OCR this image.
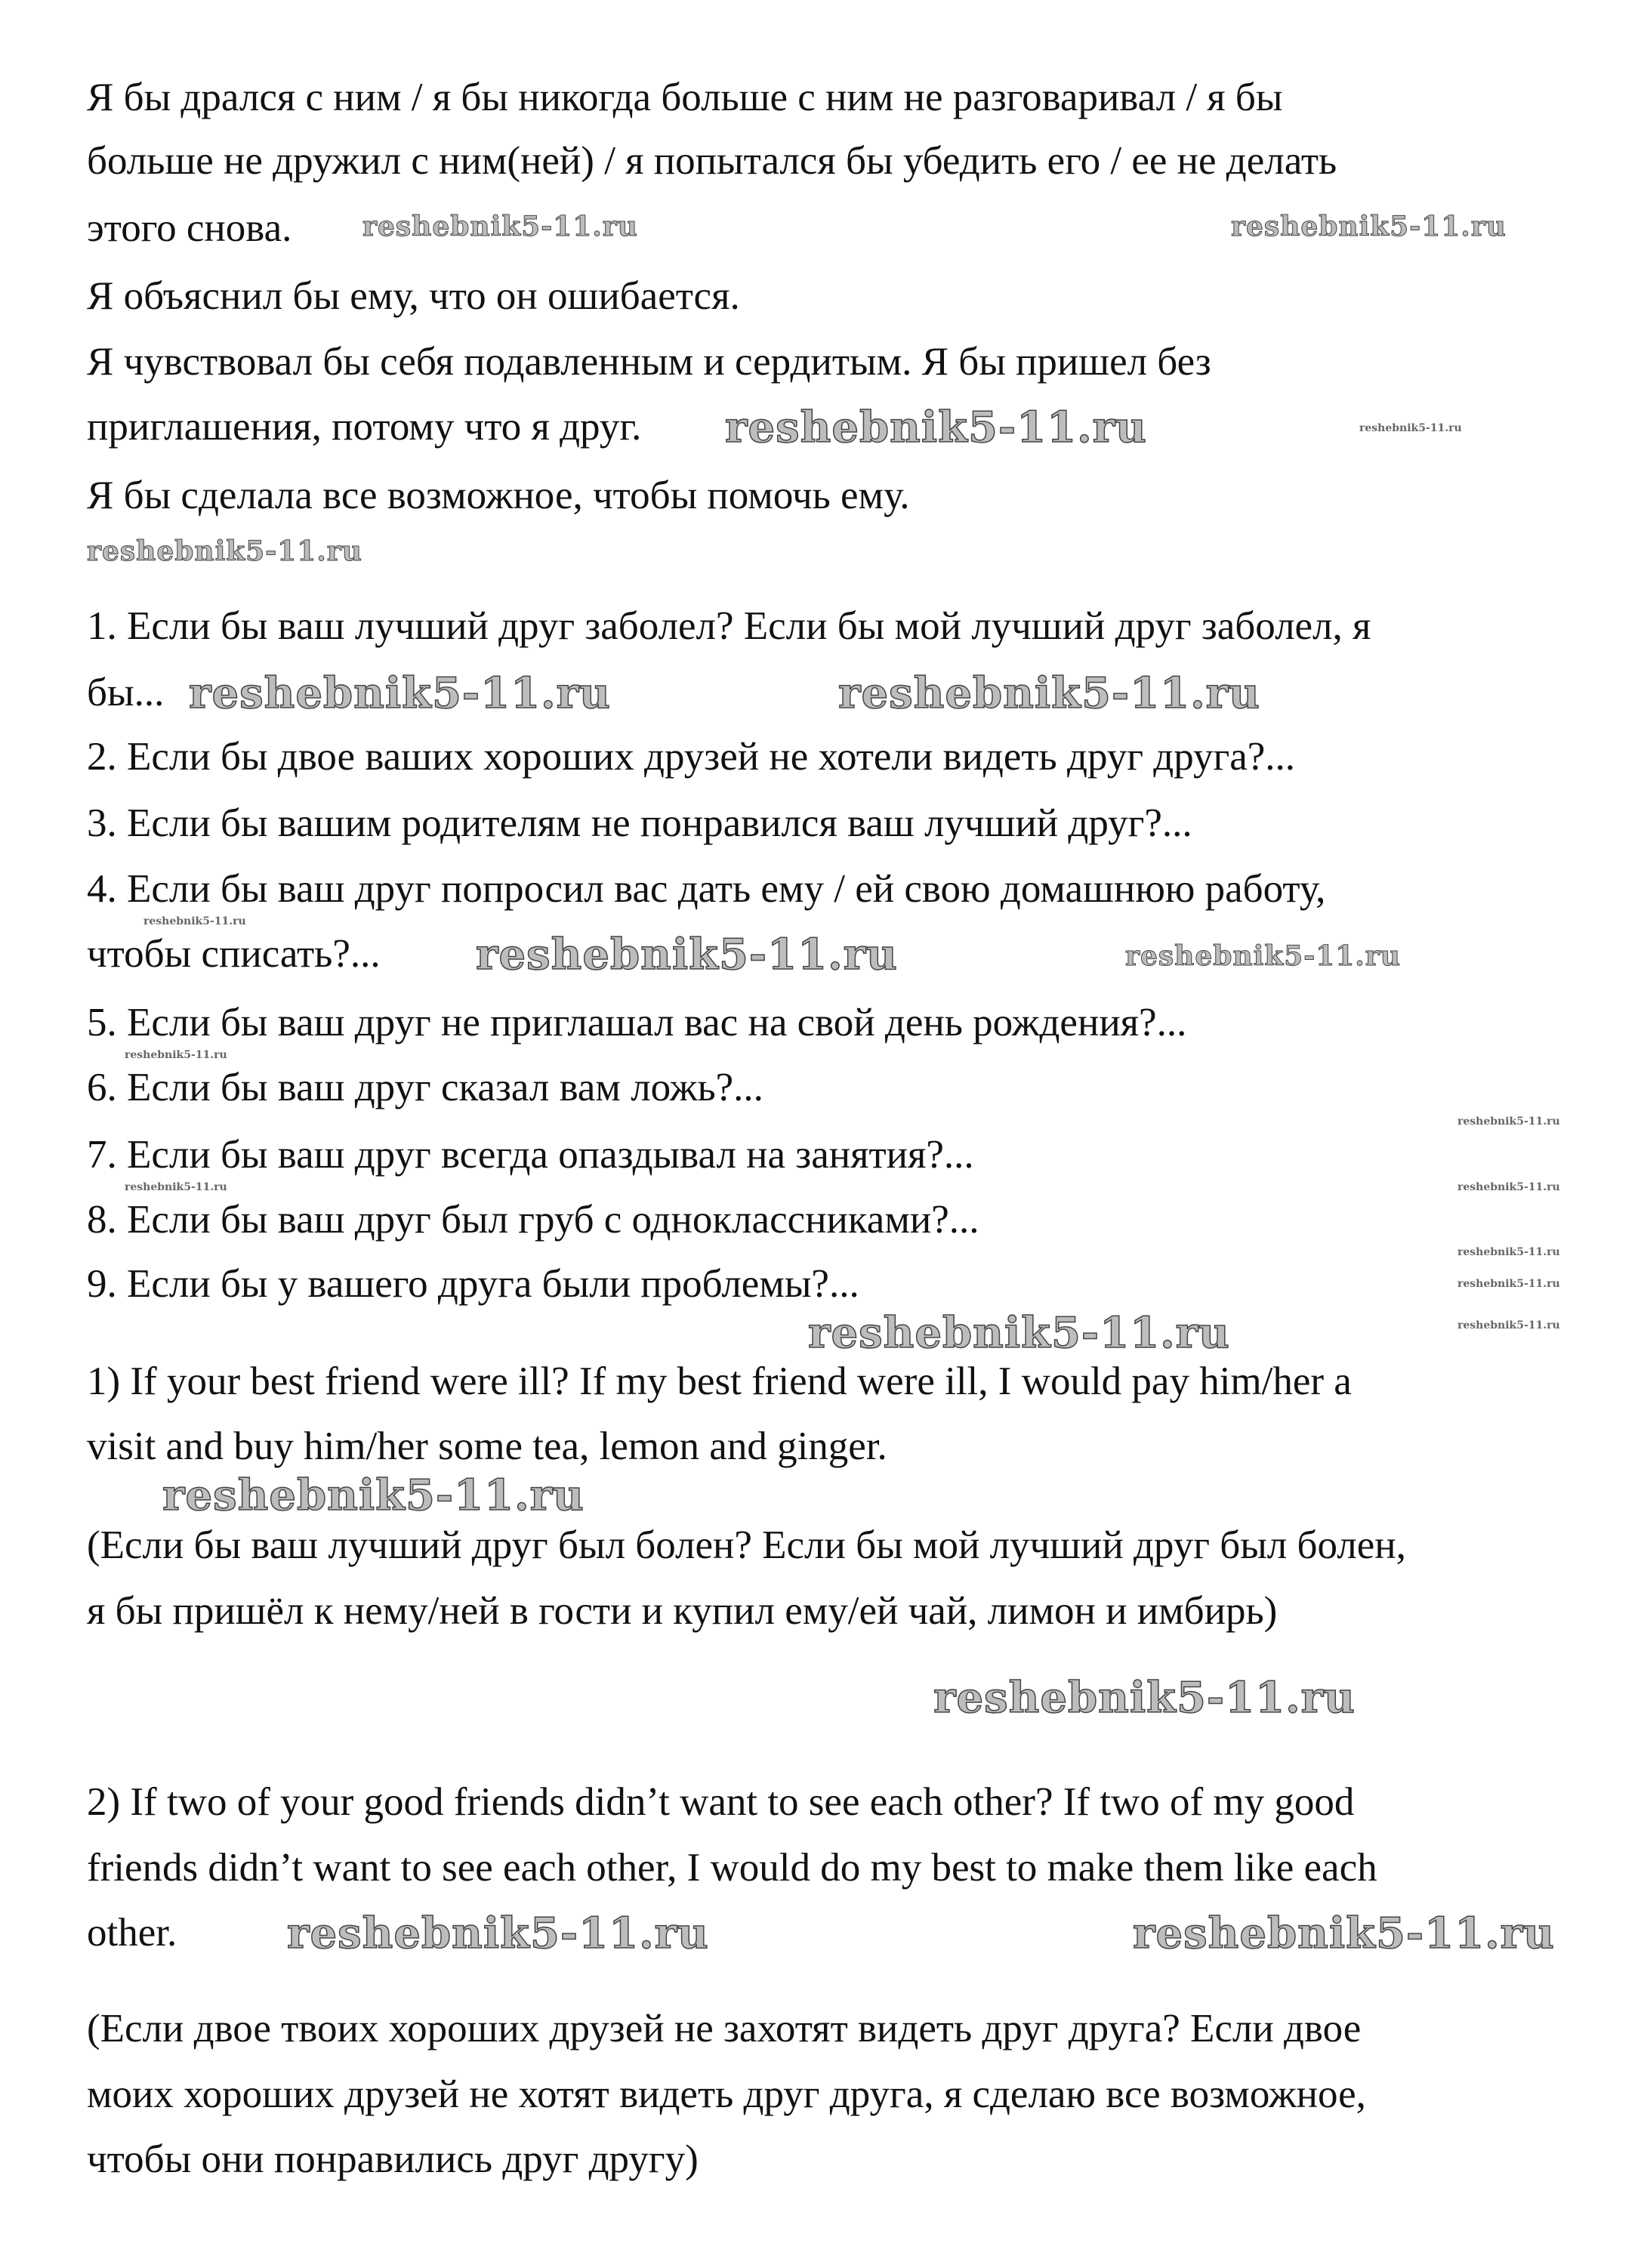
Я бы дрался с ним / я бы никогда больше с ним не разговаривал / я бы
больше не дружил с ним(ней) / я попытался бы убедить его / ее не делать
этого снова.
Я объяснил бы ему, что он ошибается.
Я чувствовал бы себя подавленным и сердитым. Я бы пришел без
приглашения, потому что я друг.
Я бы сделала все возможное, чтобы помочь ему.
1. Если бы ваш лучший друг заболел? Если бы мой лучший друг заболел, я
бы...
2. Если бы двое ваших хороших друзей не хотели видеть друг друга?...
3. Если бы вашим родителям не понравился ваш лучший друг?...
4. Если бы ваш друг попросил вас дать ему / ей свою домашнюю работу,
чтобы списать?...
5. Если бы ваш друг не приглашал вас на свой день рождения?...
6. Если бы ваш друг сказал вам ложь?...
7. Если бы ваш друг всегда опаздывал на занятия?...
8. Если бы ваш друг был груб с одноклассниками?...
9. Если бы у вашего друга были проблемы?...
1) If your best friend were ill? If my best friend were ill, I would pay him/her a
visit and buy him/her some tea, lemon and ginger.
(Если бы ваш лучший друг был болен? Если бы мой лучший друг был болен,
я бы пришёл к нему/ней в гости и купил ему/ей чай, лимон и имбирь)
2) If two of your good friends didn’t want to see each other? If two of my good
friends didn’t want to see each other, I would do my best to make them like each
other.
(Если двое твоих хороших друзей не захотят видеть друг друга? Если двое
моих хороших друзей не хотят видеть друг друга, я сделаю все возможное,
чтобы они понравились друг другу)
reshebnik5-11.ru	reshebnik5-11.ru
reshebnik5-11.ru	reshebnik5-11.ru
reshebnik5-11.ru
reshebnik5-11.ru	reshebnik5-11.ru
reshebnik5-11.ru
reshebnik5-11.ru	reshebnik5-11.ru
reshebnik5-11.ru
reshebnik5-11.ru
reshebnik5-11.ru
reshebnik5-11.ru
reshebnik5-11.ru
reshebnik5-11.ru
reshebnik5-11.ru
reshebnik5-11.ru
reshebnik5-11.ru
reshebnik5-11.ru
reshebnik5-11.ru	reshebnik5-11.ru
